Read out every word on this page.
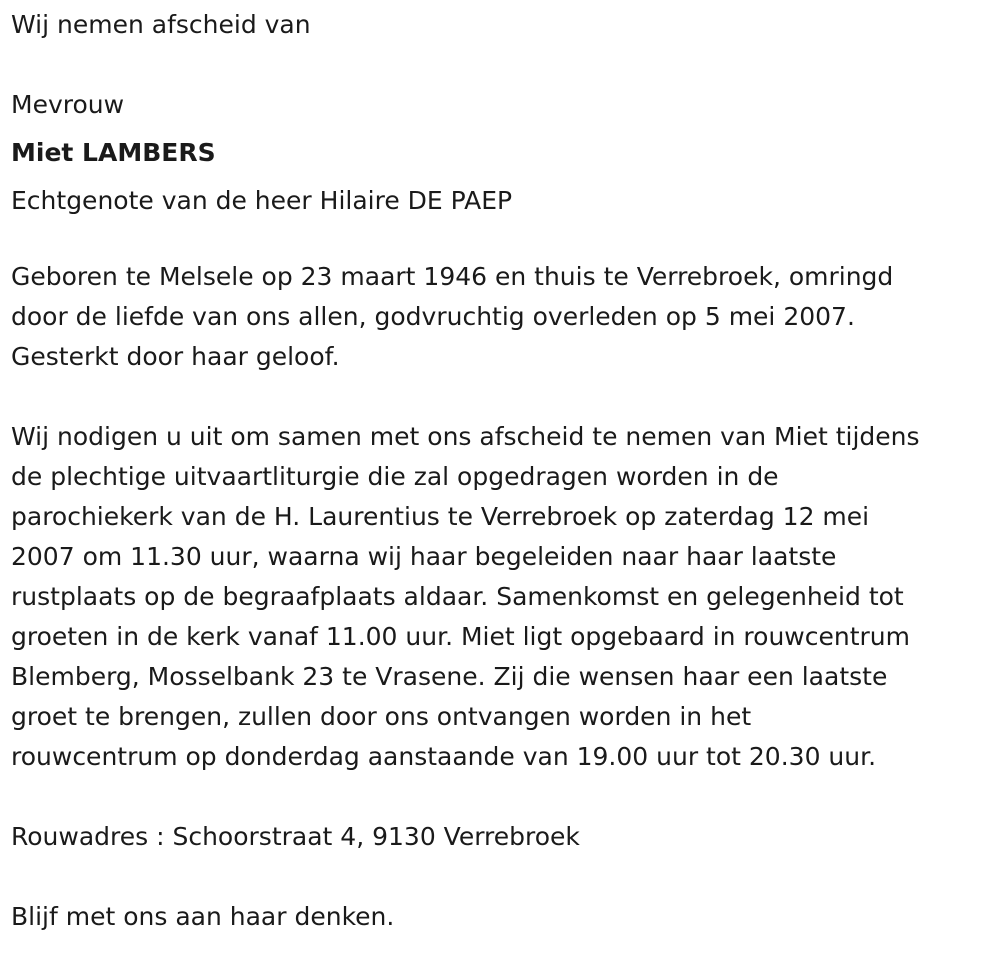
Wij nemen afscheid van

Mevrouw

Miet LAMBERS

Echtgenote van de heer Hilaire DE PAEP

Geboren te Melsele op 23 maart 1946 en thuis te Verrebroek, omringd

door de liefde van ons allen, godvruchtig overleden op 5 mei 2007.

Gesterkt door haar geloof.

Wij nodigen u uit om samen met ons afscheid te nemen van Miet tijdens

de plechtige uitvaartliturgie die zal opgedragen worden in de

parochiekerk van de H. Laurentius te Verrebroek op zaterdag 12 mei

2007 om 11.30 uur, waarna wij haar begeleiden naar haar laatste

rustplaats op de begraafplaats aldaar. Samenkomst en gelegenheid tot

groeten in de kerk vanaf 11.00 uur. Miet ligt opgebaard in rouwcentrum

Blemberg, Mosselbank 23 te Vrasene. Zij die wensen haar een laatste

groet te brengen, zullen door ons ontvangen worden in het

rouwcentrum op donderdag aanstaande van 19.00 uur tot 20.30 uur.

Rouwadres : Schoorstraat 4, 9130 Verrebroek

Blijf met ons aan haar denken.
